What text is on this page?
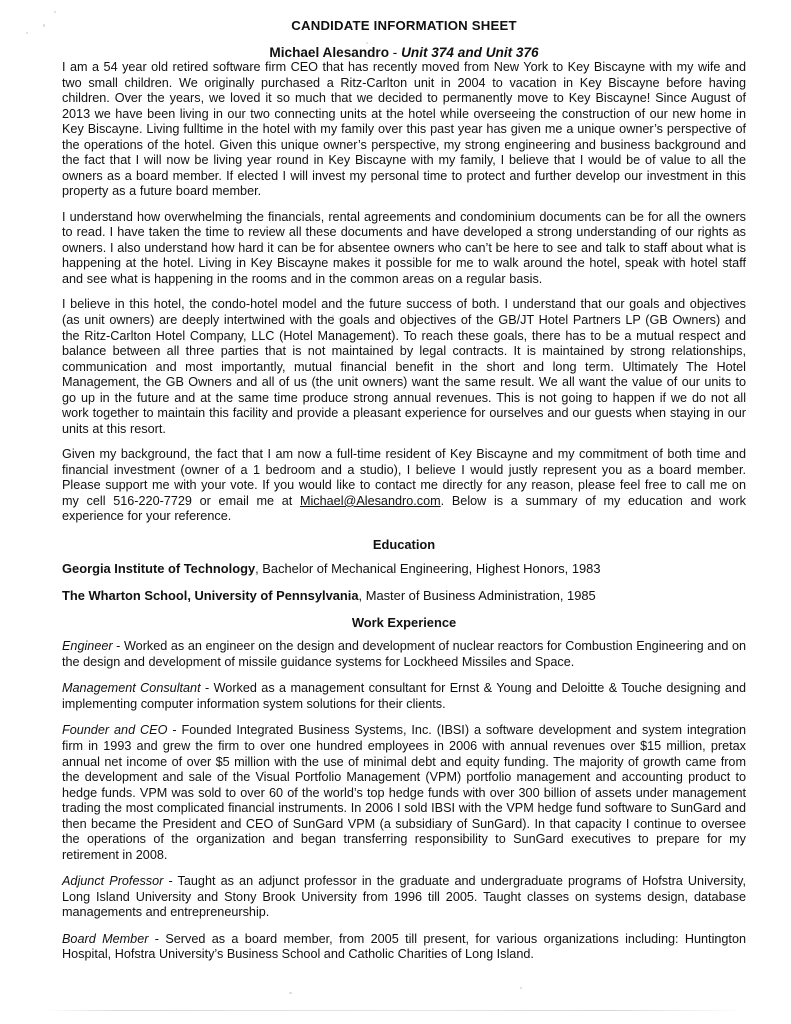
CANDIDATE INFORMATION SHEET
Michael Alesandro - Unit 374 and Unit 376

I am a 54 year old retired software firm CEO that has recently moved from New York to Key Biscayne with my wife and two small children. We originally purchased a Ritz-Carlton unit in 2004 to vacation in Key Biscayne before having children. Over the years, we loved it so much that we decided to permanently move to Key Biscayne! Since August of 2013 we have been living in our two connecting units at the hotel while overseeing the construction of our new home in Key Biscayne. Living fulltime in the hotel with my family over this past year has given me a unique owner’s perspective of the operations of the hotel. Given this unique owner’s perspective, my strong engineering and business background and the fact that I will now be living year round in Key Biscayne with my family, I believe that I would be of value to all the owners as a board member. If elected I will invest my personal time to protect and further develop our investment in this property as a future board member.

I understand how overwhelming the financials, rental agreements and condominium documents can be for all the owners to read. I have taken the time to review all these documents and have developed a strong understanding of our rights as owners. I also understand how hard it can be for absentee owners who can’t be here to see and talk to staff about what is happening at the hotel. Living in Key Biscayne makes it possible for me to walk around the hotel, speak with hotel staff and see what is happening in the rooms and in the common areas on a regular basis.

I believe in this hotel, the condo-hotel model and the future success of both. I understand that our goals and objectives (as unit owners) are deeply intertwined with the goals and objectives of the GB/JT Hotel Partners LP (GB Owners) and the Ritz-Carlton Hotel Company, LLC (Hotel Management). To reach these goals, there has to be a mutual respect and balance between all three parties that is not maintained by legal contracts. It is maintained by strong relationships, communication and most importantly, mutual financial benefit in the short and long term. Ultimately The Hotel Management, the GB Owners and all of us (the unit owners) want the same result. We all want the value of our units to go up in the future and at the same time produce strong annual revenues. This is not going to happen if we do not all work together to maintain this facility and provide a pleasant experience for ourselves and our guests when staying in our units at this resort.

Given my background, the fact that I am now a full-time resident of Key Biscayne and my commitment of both time and financial investment (owner of a 1 bedroom and a studio), I believe I would justly represent you as a board member. Please support me with your vote. If you would like to contact me directly for any reason, please feel free to call me on my cell 516-220-7729 or email me at Michael@Alesandro.com. Below is a summary of my education and work experience for your reference.

Education

Georgia Institute of Technology, Bachelor of Mechanical Engineering, Highest Honors, 1983

The Wharton School, University of Pennsylvania, Master of Business Administration, 1985

Work Experience

Engineer - Worked as an engineer on the design and development of nuclear reactors for Combustion Engineering and on the design and development of missile guidance systems for Lockheed Missiles and Space.

Management Consultant - Worked as a management consultant for Ernst & Young and Deloitte & Touche designing and implementing computer information system solutions for their clients.

Founder and CEO - Founded Integrated Business Systems, Inc. (IBSI) a software development and system integration firm in 1993 and grew the firm to over one hundred employees in 2006 with annual revenues over $15 million, pretax annual net income of over $5 million with the use of minimal debt and equity funding. The majority of growth came from the development and sale of the Visual Portfolio Management (VPM) portfolio management and accounting product to hedge funds. VPM was sold to over 60 of the world’s top hedge funds with over 300 billion of assets under management trading the most complicated financial instruments. In 2006 I sold IBSI with the VPM hedge fund software to SunGard and then became the President and CEO of SunGard VPM (a subsidiary of SunGard). In that capacity I continue to oversee the operations of the organization and began transferring responsibility to SunGard executives to prepare for my retirement in 2008.

Adjunct Professor - Taught as an adjunct professor in the graduate and undergraduate programs of Hofstra University, Long Island University and Stony Brook University from 1996 till 2005. Taught classes on systems design, database managements and entrepreneurship.

Board Member - Served as a board member, from 2005 till present, for various organizations including: Huntington Hospital, Hofstra University’s Business School and Catholic Charities of Long Island.
